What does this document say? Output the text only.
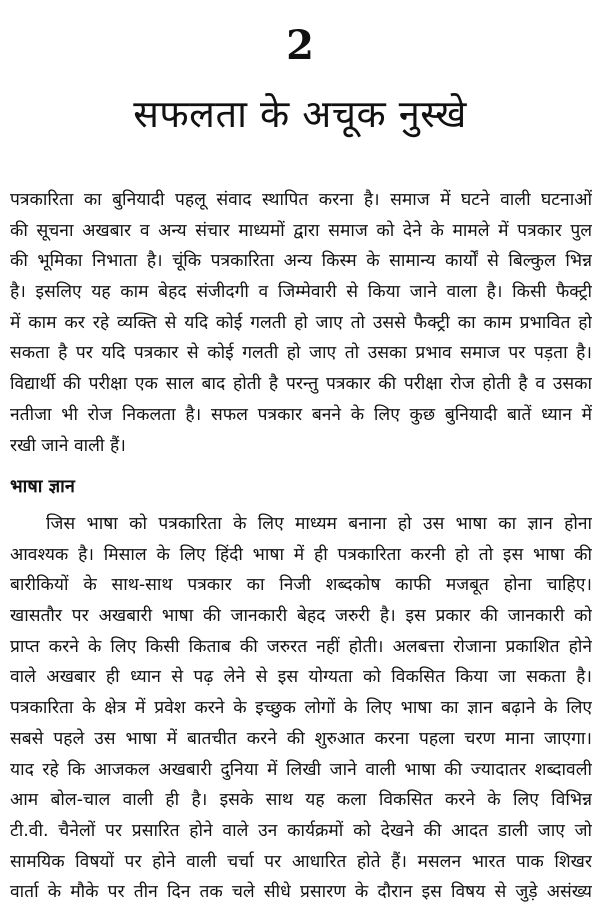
2
सफलता के अचूक नुस्खे
पत्रकारिता का बुनियादी पहलू संवाद स्थापित करना है। समाज में घटने वाली घटनाओं
की सूचना अखबार व अन्य संचार माध्यमों द्वारा समाज को देने के मामले में पत्रकार पुल
की भूमिका निभाता है। चूंकि पत्रकारिता अन्य किस्म के सामान्य कार्यों से बिल्कुल भिन्न
है। इसलिए यह काम बेहद संजीदगी व जिम्मेवारी से किया जाने वाला है। किसी फैक्ट्री
में काम कर रहे व्यक्ति से यदि कोई गलती हो जाए तो उससे फैक्ट्री का काम प्रभावित हो
सकता है पर यदि पत्रकार से कोई गलती हो जाए तो उसका प्रभाव समाज पर पड़ता है।
विद्यार्थी की परीक्षा एक साल बाद होती है परन्तु पत्रकार की परीक्षा रोज होती है व उसका
नतीजा भी रोज निकलता है। सफल पत्रकार बनने के लिए कुछ बुनियादी बातें ध्यान में
रखी जाने वाली हैं।
भाषा ज्ञान
जिस भाषा को पत्रकारिता के लिए माध्यम बनाना हो उस भाषा का ज्ञान होना
आवश्यक है। मिसाल के लिए हिंदी भाषा में ही पत्रकारिता करनी हो तो इस भाषा की
बारीकियों के साथ-साथ पत्रकार का निजी शब्दकोष काफी मजबूत होना चाहिए।
खासतौर पर अखबारी भाषा की जानकारी बेहद जरुरी है। इस प्रकार की जानकारी को
प्राप्त करने के लिए किसी किताब की जरुरत नहीं होती। अलबत्ता रोजाना प्रकाशित होने
वाले अखबार ही ध्यान से पढ़ लेने से इस योग्यता को विकसित किया जा सकता है।
पत्रकारिता के क्षेत्र में प्रवेश करने के इच्छुक लोगों के लिए भाषा का ज्ञान बढ़ाने के लिए
सबसे पहले उस भाषा में बातचीत करने की शुरुआत करना पहला चरण माना जाएगा।
याद रहे कि आजकल अखबारी दुनिया में लिखी जाने वाली भाषा की ज्यादातर शब्दावली
आम बोल-चाल वाली ही है। इसके साथ यह कला विकसित करने के लिए विभिन्न
टी.वी. चैनेलों पर प्रसारित होने वाले उन कार्यक्रमों को देखने की आदत डाली जाए जो
सामयिक विषयों पर होने वाली चर्चा पर आधारित होते हैं। मसलन भारत पाक शिखर
वार्ता के मौके पर तीन दिन तक चले सीधे प्रसारण के दौरान इस विषय से जुड़े असंख्य
